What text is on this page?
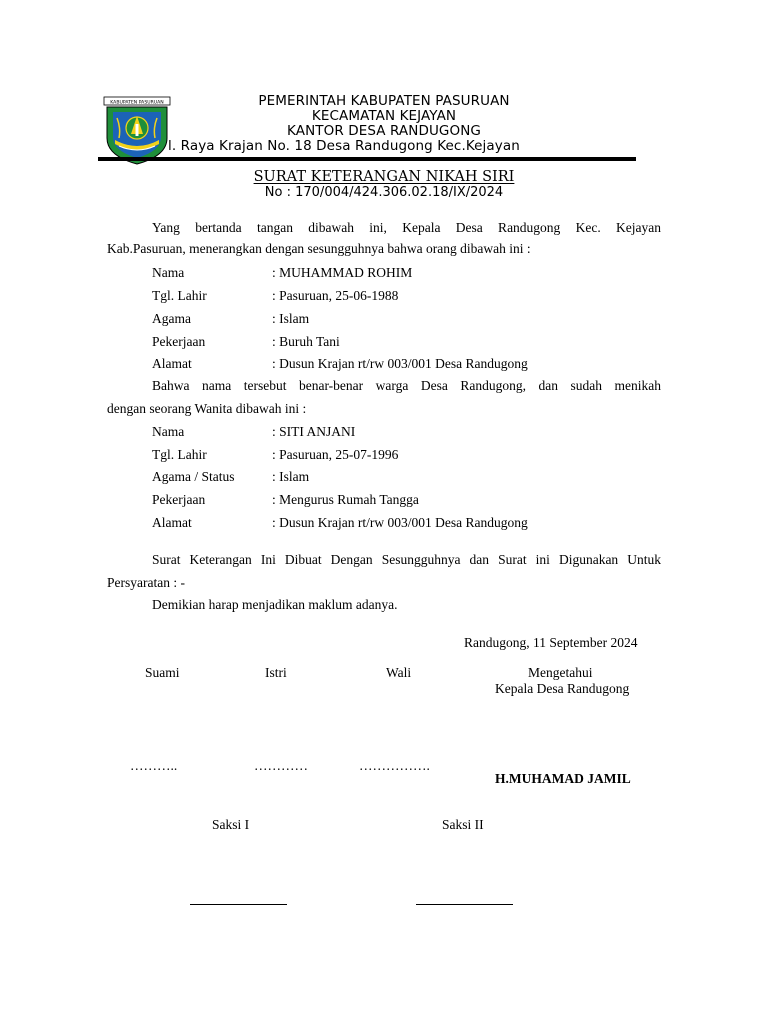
KABUPATEN PASURUAN	PEMERINTAH KABUPATEN PASURUAN
KECAMATAN KEJAYAN
KANTOR DESA RANDUGONG
l. Raya Krajan No. 18 Desa Randugong Kec.Kejayan
SURAT KETERANGAN NIKAH SIRI
No : 170/004/424.306.02.18/IX/2024
Yang bertanda tangan dibawah ini, Kepala Desa Randugong Kec. Kejayan
Kab.Pasuruan, menerangkan dengan sesungguhnya bahwa orang dibawah ini :
Nama	: MUHAMMAD ROHIM
Tgl. Lahir	: Pasuruan, 25-06-1988
Agama	: Islam
Pekerjaan	: Buruh Tani
Alamat	: Dusun Krajan rt/rw 003/001 Desa Randugong
Bahwa nama tersebut benar-benar warga Desa Randugong, dan sudah menikah
dengan seorang Wanita dibawah ini :
Nama	: SITI ANJANI
Tgl. Lahir	: Pasuruan, 25-07-1996
Agama / Status	: Islam
Pekerjaan	: Mengurus Rumah Tangga
Alamat	: Dusun Krajan rt/rw 003/001 Desa Randugong
Surat Keterangan Ini Dibuat Dengan Sesungguhnya dan Surat ini Digunakan Untuk
Persyaratan : -
Demikian harap menjadikan maklum adanya.
Randugong, 11 September 2024
Suami	Istri	Wali	Mengetahui
Kepala Desa Randugong
………..	…………	…………….
H.MUHAMAD JAMIL
Saksi I	Saksi II
